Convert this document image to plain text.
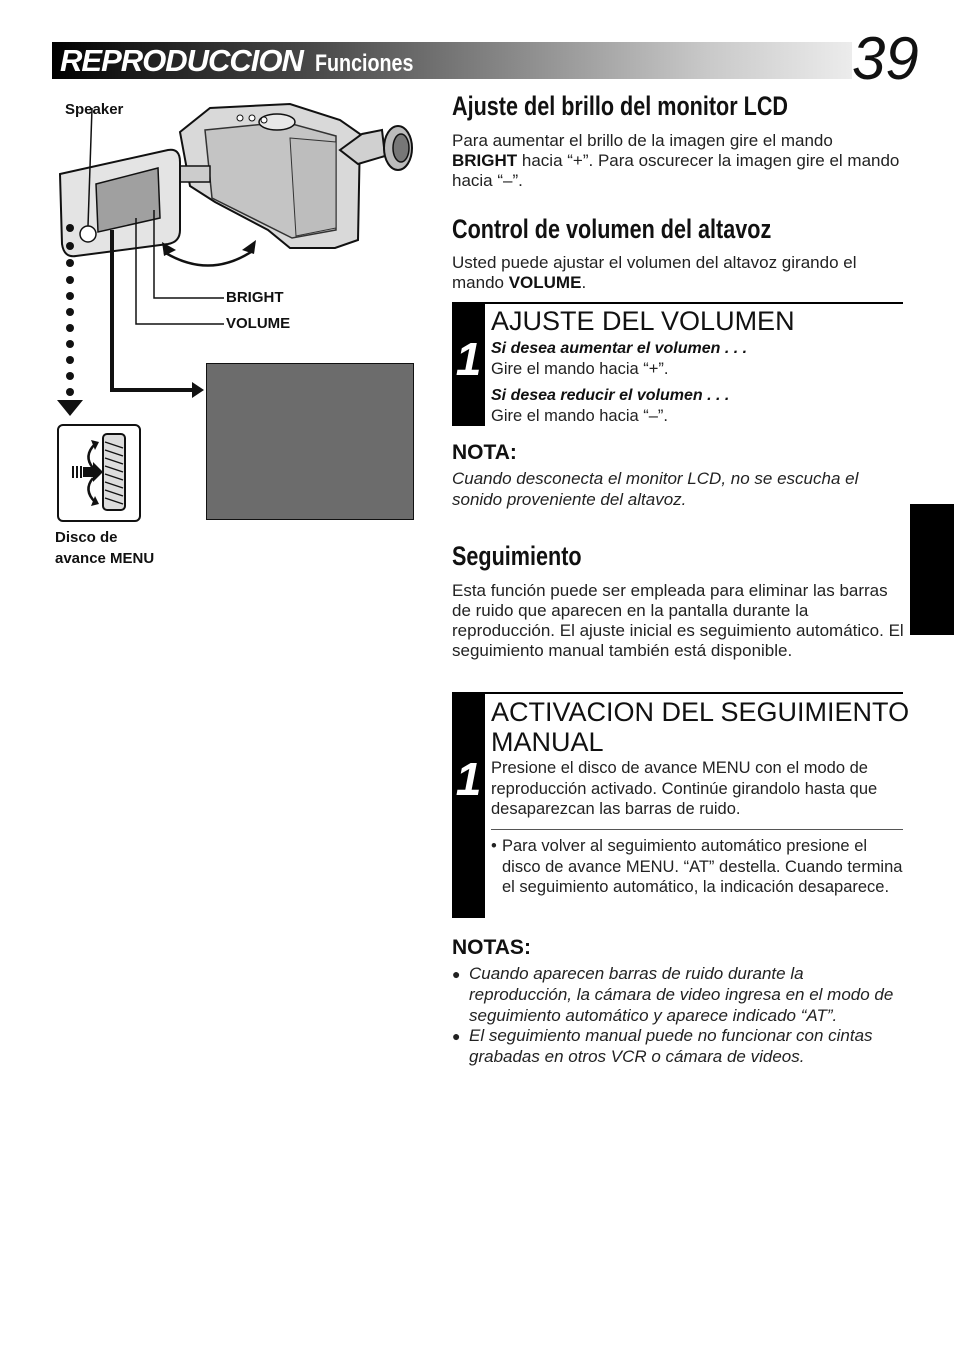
REPRODUCCION Funciones	39
Speaker
BRIGHT
VOLUME
Disco de
avance MENU
Ajuste del brillo del monitor LCD
Para aumentar el brillo de la imagen gire el mando
BRIGHT hacia “+”. Para oscurecer la imagen gire el mando hacia “–”.
Control de volumen del altavoz
Usted puede ajustar el volumen del altavoz girando el mando VOLUME.
1
AJUSTE DEL VOLUMEN
Si desea aumentar el volumen . . .
Gire el mando hacia “+”.
Si desea reducir el volumen . . .
Gire el mando hacia “–”.
NOTA:
Cuando desconecta el monitor LCD, no se escucha el sonido proveniente del altavoz.
Seguimiento
Esta función puede ser empleada para eliminar las barras de ruido que aparecen en la pantalla durante la reproducción. El ajuste inicial es seguimiento automático. El seguimiento manual también está disponible.
1
ACTIVACION DEL SEGUIMIENTO
MANUAL
Presione el disco de avance MENU con el modo de reproducción activado. Continúe girandolo hasta que desaparezcan las barras de ruido.
• Para volver al seguimiento automático presione el disco de avance MENU. “AT” destella. Cuando termina el seguimiento automático, la indicación desaparece.
NOTAS:
● Cuando aparecen barras de ruido durante la reproducción, la cámara de video ingresa en el modo de seguimiento automático y aparece indicado “AT”.
● El seguimiento manual puede no funcionar con cintas grabadas en otros VCR o cámara de videos.
